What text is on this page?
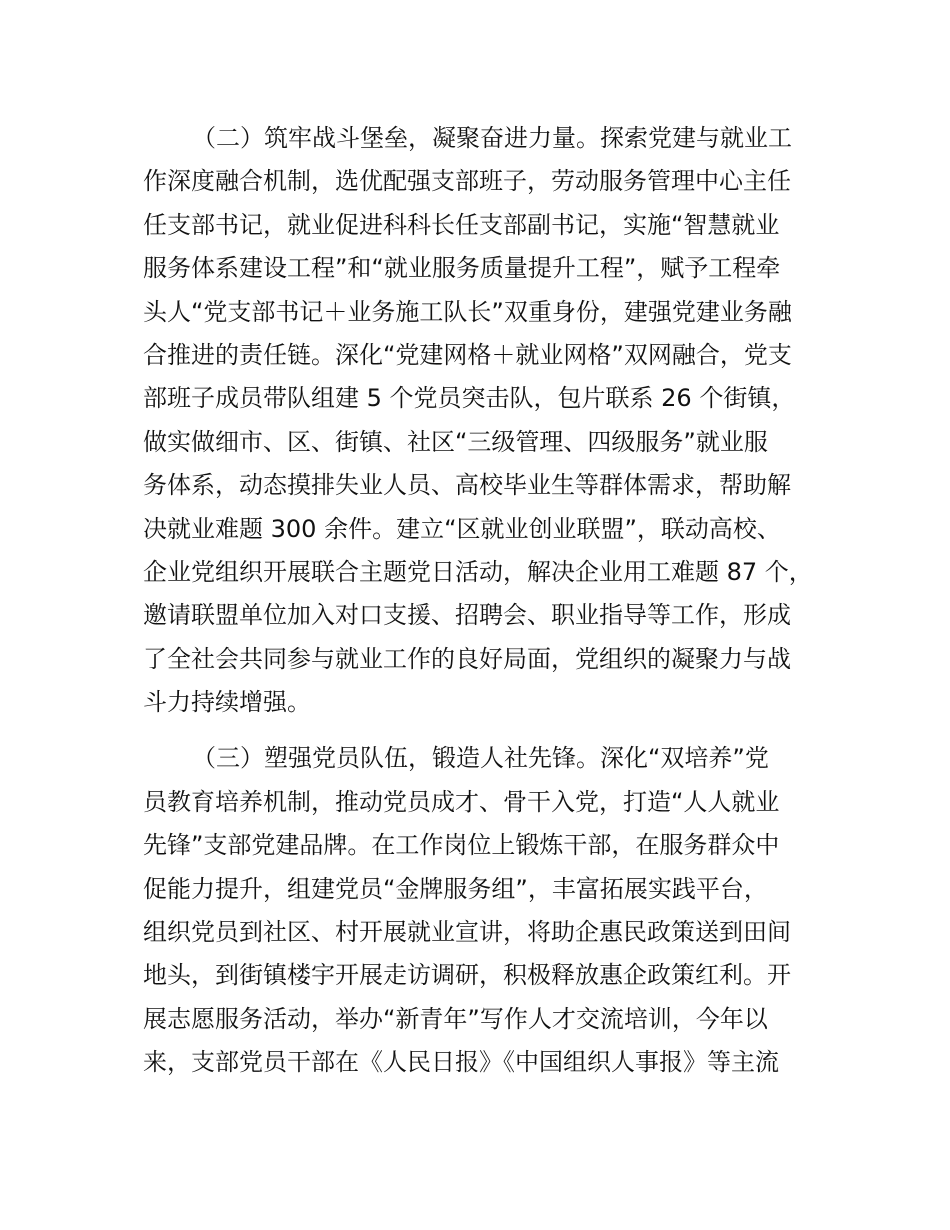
（二）筑牢战斗堡垒，凝聚奋进力量。探索党建与就业工
作深度融合机制，选优配强支部班子，劳动服务管理中心主任
任支部书记，就业促进科科长任支部副书记，实施“智慧就业
服务体系建设工程”和“就业服务质量提升工程”，赋予工程牵
头人“党支部书记＋业务施工队长”双重身份，建强党建业务融
合推进的责任链。深化“党建网格＋就业网格”双网融合，党支
部班子成员带队组建 5 个党员突击队，包片联系 26 个街镇，
做实做细市、区、街镇、社区“三级管理、四级服务”就业服
务体系，动态摸排失业人员、高校毕业生等群体需求，帮助解
决就业难题 300 余件。建立“区就业创业联盟”，联动高校、
企业党组织开展联合主题党日活动，解决企业用工难题 87 个，
邀请联盟单位加入对口支援、招聘会、职业指导等工作，形成
了全社会共同参与就业工作的良好局面，党组织的凝聚力与战
斗力持续增强。
（三）塑强党员队伍，锻造人社先锋。深化“双培养”党
员教育培养机制，推动党员成才、骨干入党，打造“人人就业
先锋”支部党建品牌。在工作岗位上锻炼干部，在服务群众中
促能力提升，组建党员“金牌服务组”，丰富拓展实践平台，
组织党员到社区、村开展就业宣讲，将助企惠民政策送到田间
地头，到街镇楼宇开展走访调研，积极释放惠企政策红利。开
展志愿服务活动，举办“新青年”写作人才交流培训，今年以
来，支部党员干部在《人民日报》《中国组织人事报》等主流
